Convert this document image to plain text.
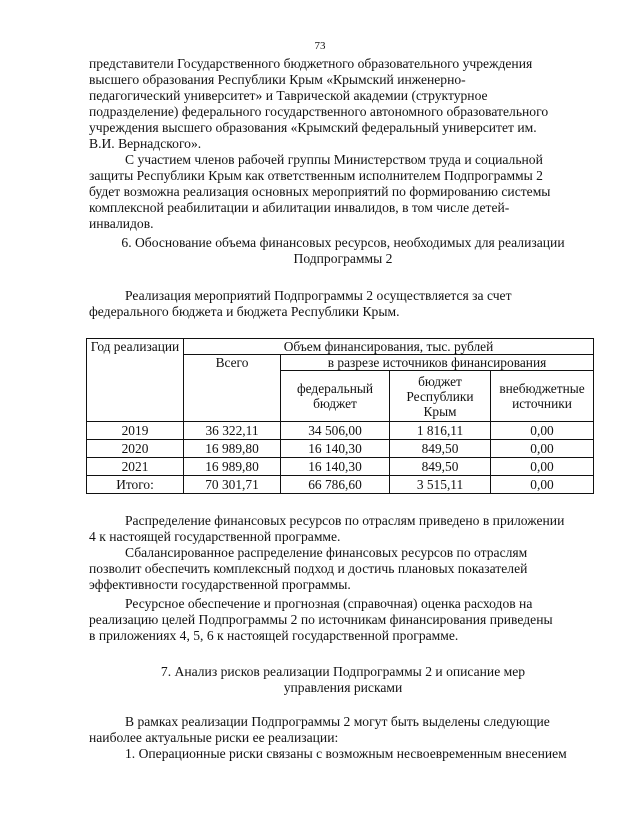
73

представители Государственного бюджетного образовательного учреждения

высшего образования Республики Крым «Крымский инженерно-

педагогический университет» и Таврической академии (структурное

подразделение) федерального государственного автономного образовательного

учреждения высшего образования «Крымский федеральный университет им.

В.И. Вернадского».

С участием членов рабочей группы Министерством труда и социальной

защиты Республики Крым как ответственным исполнителем Подпрограммы 2

будет возможна реализация основных мероприятий по формированию системы

комплексной реабилитации и абилитации инвалидов, в том числе детей-

инвалидов.

6. Обоснование объема финансовых ресурсов, необходимых для реализации

Подпрограммы 2

Реализация мероприятий Подпрограммы 2 осуществляется за счет

федерального бюджета и бюджета Республики Крым.

Год реализации	Объем финансирования, тыс. рублей			
	Всего	в разрезе источников финансирования		
		федеральный бюджет	бюджет Республики Крым	внебюджетные источники
2019	36 322,11	34 506,00	1 816,11	0,00
2020	16 989,80	16 140,30	849,50	0,00
2021	16 989,80	16 140,30	849,50	0,00
Итого:	70 301,71	66 786,60	3 515,11	0,00

Распределение финансовых ресурсов по отраслям приведено в приложении

4 к настоящей государственной программе.

Сбалансированное распределение финансовых ресурсов по отраслям

позволит обеспечить комплексный подход и достичь плановых показателей

эффективности государственной программы.

Ресурсное обеспечение и прогнозная (справочная) оценка расходов на

реализацию целей Подпрограммы 2 по источникам финансирования приведены

в приложениях 4, 5, 6 к настоящей государственной программе.

7. Анализ рисков реализации Подпрограммы 2 и описание мер

управления рисками

В рамках реализации Подпрограммы 2 могут быть выделены следующие

наиболее актуальные риски ее реализации:

1. Операционные риски связаны с возможным несвоевременным внесением
